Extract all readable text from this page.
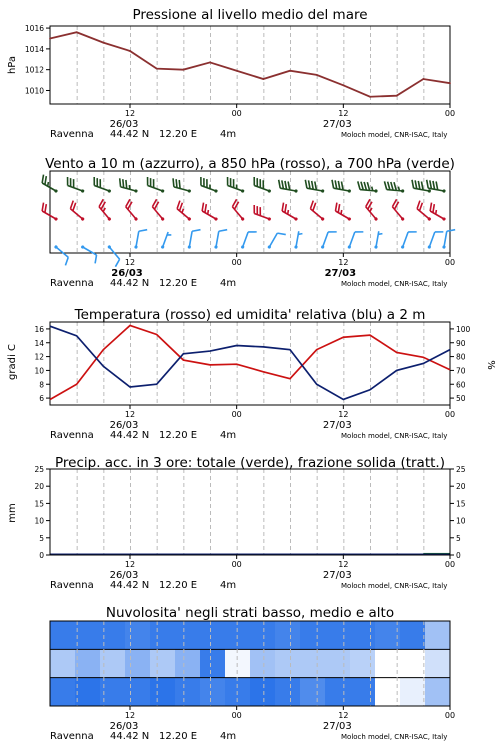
Pressione al livello medio del mare
1010
1012
1014
1016
hPa
12	00	12	00
26/03	27/03
Ravenna 44.42 N 12.20 E 4m	Moloch model, CNR-ISAC, Italy
Vento a 10 m (azzurro), a 850 hPa (rosso), a 700 hPa (verde)
12	00	12	00
26/03	27/03
Ravenna 44.42 N 12.20 E 4m	Moloch model, CNR-ISAC, Italy
Temperatura (rosso) ed umidita' relativa (blu) a 2 m
6
8
10
12
14
16
50
60
70
80
90
100
gradi C	%
12	00	12	00
26/03	27/03
Ravenna 44.42 N 12.20 E 4m	Moloch model, CNR-ISAC, Italy
Precip. acc. in 3 ore: totale (verde), frazione solida (tratt.)
0	0
5	5
10	10
15	15
20	20
25	25
mm
12	00	12	00
26/03	27/03
Ravenna 44.42 N 12.20 E 4m	Moloch model, CNR-ISAC, Italy
Nuvolosita' negli strati basso, medio e alto
12	00	12	00
26/03	27/03
Ravenna 44.42 N 12.20 E 4m	Moloch model, CNR-ISAC, Italy
